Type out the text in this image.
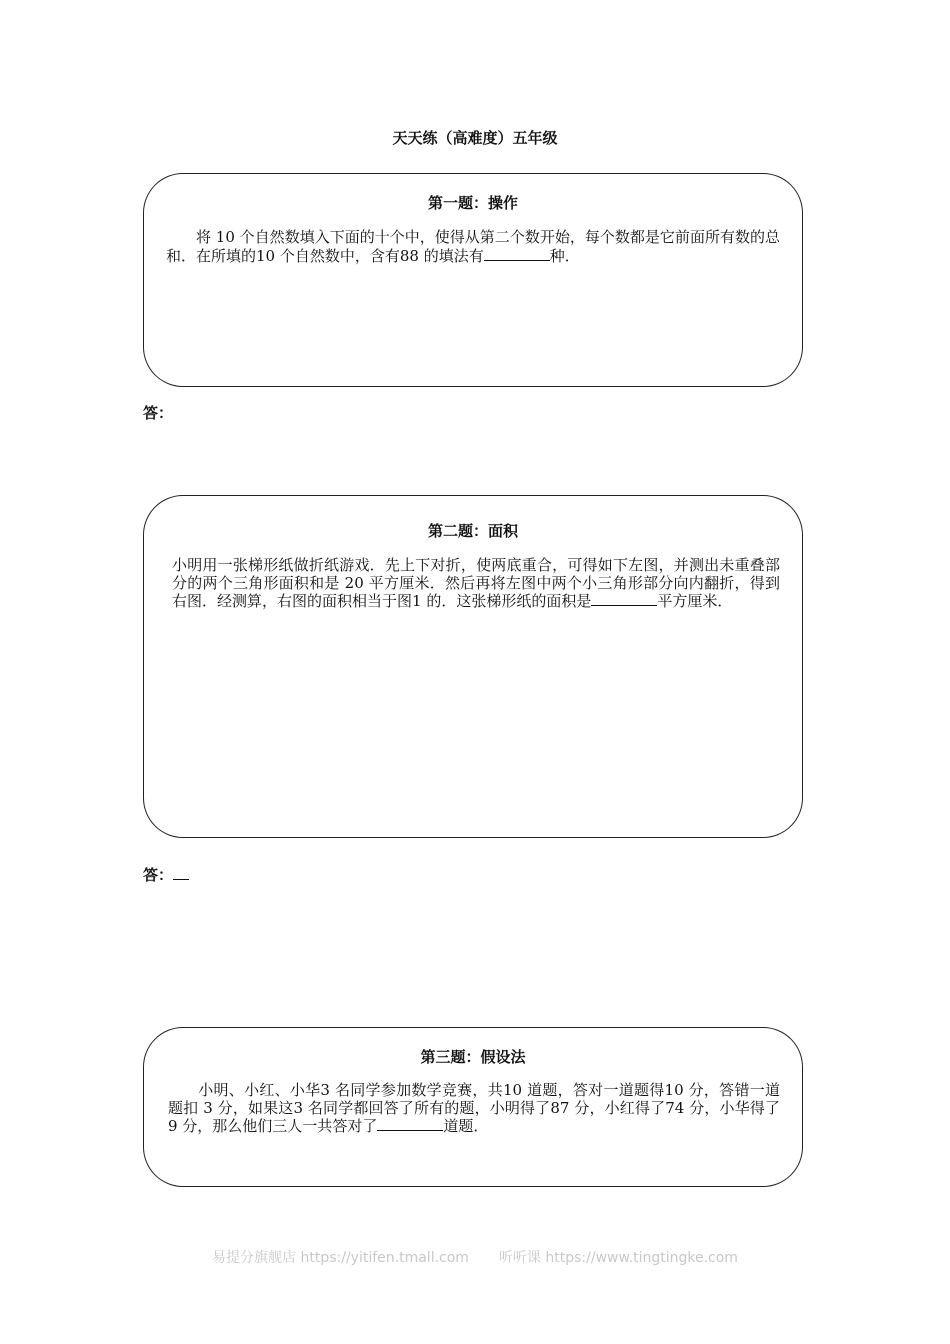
天天练（高难度）五年级
第一题：操作
将 10 个自然数填入下面的十个中，使得从第二个数开始，每个数都是它前面所有数的总和．在所填的10 个自然数中，含有88 的填法有	种．
答：
第二题：面积
小明用一张梯形纸做折纸游戏．先上下对折，使两底重合，可得如下左图，并测出未重叠部分的两个三角形面积和是 20 平方厘米．然后再将左图中两个小三角形部分向内翻折，得到右图．经测算，右图的面积相当于图1 的．这张梯形纸的面积是	平方厘米．
答：
第三题：假设法
小明、小红、小华3 名同学参加数学竞赛，共10 道题，答对一道题得10 分，答错一道题扣 3 分，如果这3 名同学都回答了所有的题，小明得了87 分，小红得了74 分，小华得了 9 分，那么他们三人一共答对了	道题．
易提分旗舰店 https://yitifen.tmall.com 听听课 https://www.tingtingke.com
